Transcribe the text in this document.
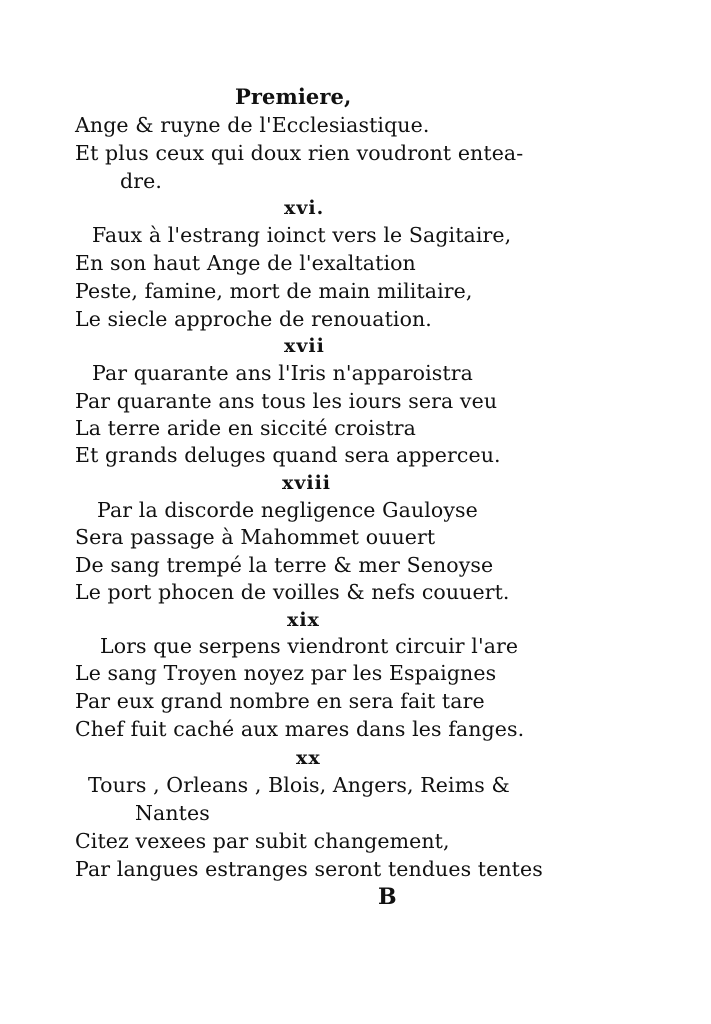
Premiere,
Ange & ruyne de l'Ecclesiastique.
Et plus ceux qui doux rien voudront entea-
dre.
xvi.
Faux à l'estrang ioinct vers le Sagitaire,
En son haut Ange de l'exaltation
Peste, famine, mort de main militaire,
Le siecle approche de renouation.
xvii
Par quarante ans l'Iris n'apparoistra
Par quarante ans tous les iours sera veu
La terre aride en siccité croistra
Et grands deluges quand sera apperceu.
xviii
Par la discorde negligence Gauloyse
Sera passage à Mahommet ouuert
De sang trempé la terre & mer Senoyse
Le port phocen de voilles & nefs couuert.
xix
Lors que serpens viendront circuir l'are
Le sang Troyen noyez par les Espaignes
Par eux grand nombre en sera fait tare
Chef fuit caché aux mares dans les fanges.
xx
Tours , Orleans , Blois, Angers, Reims &
Nantes
Citez vexees par subit changement,
Par langues estranges seront tendues tentes
B
